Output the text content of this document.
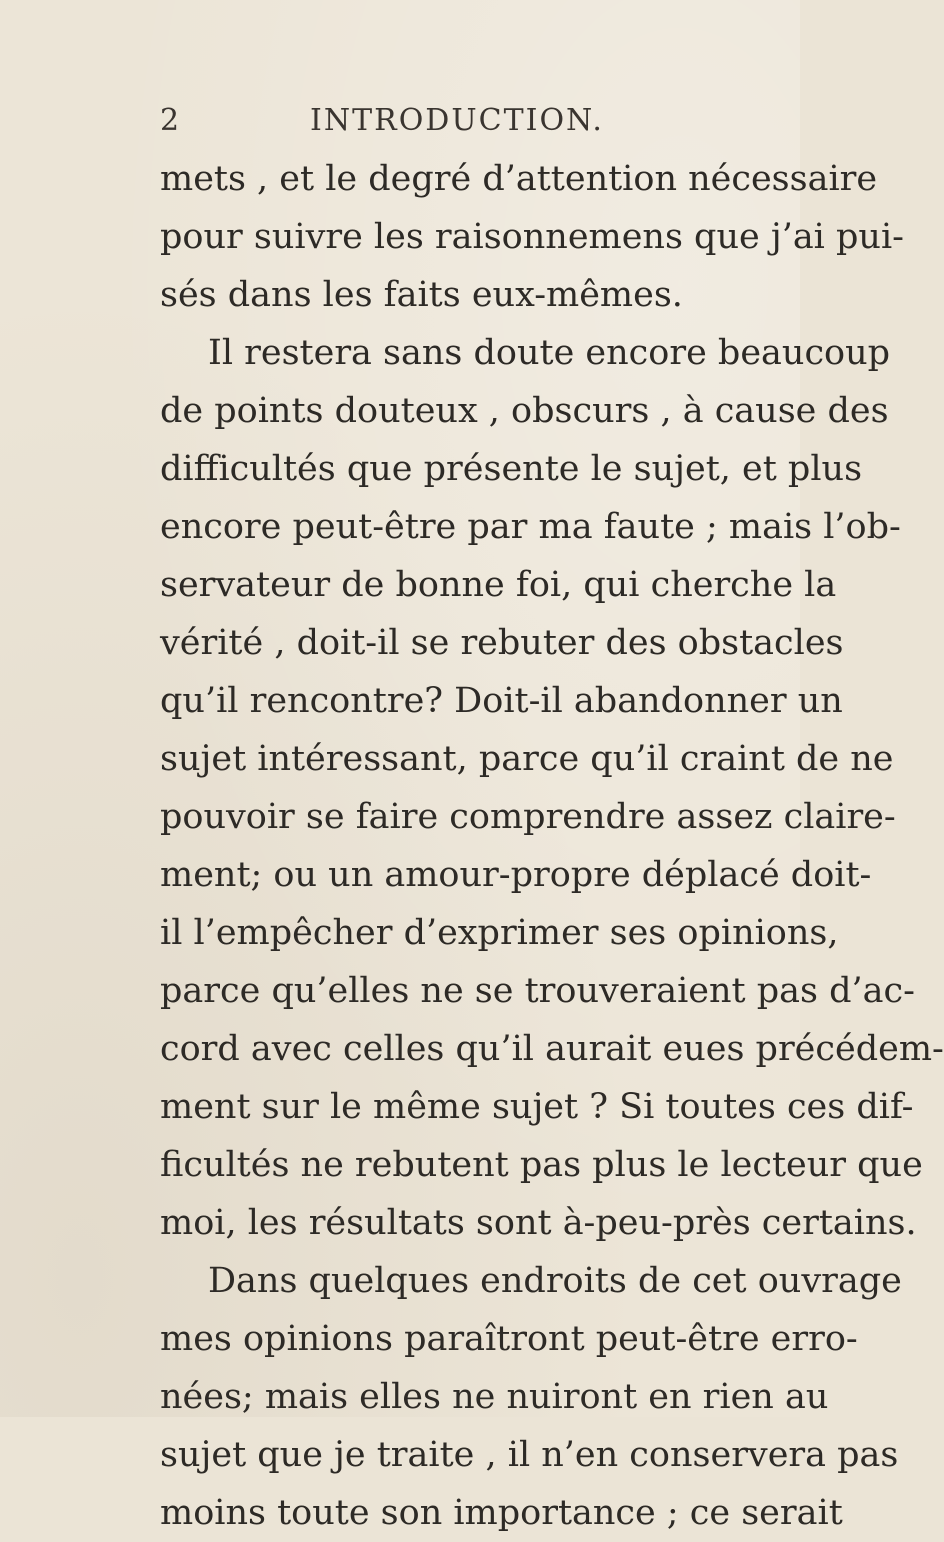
2	INTRODUCTION.
mets , et le degré d’attention nécessaire
pour suivre les raisonnemens que j’ai pui-
sés dans les faits eux-mêmes.
Il restera sans doute encore beaucoup
de points douteux , obscurs , à cause des
difficultés que présente le sujet, et plus
encore peut-être par ma faute ; mais l’ob-
servateur de bonne foi, qui cherche la
vérité , doit-il se rebuter des obstacles
qu’il rencontre? Doit-il abandonner un
sujet intéressant, parce qu’il craint de ne
pouvoir se faire comprendre assez claire-
ment; ou un amour-propre déplacé doit-
il l’empêcher d’exprimer ses opinions,
parce qu’elles ne se trouveraient pas d’ac-
cord avec celles qu’il aurait eues précédem-
ment sur le même sujet ? Si toutes ces dif-
ficultés ne rebutent pas plus le lecteur que
moi, les résultats sont à-peu-près certains.
Dans quelques endroits de cet ouvrage
mes opinions paraîtront peut-être erro-
nées; mais elles ne nuiront en rien au
sujet que je traite , il n’en conservera pas
moins toute son importance ; ce serait
